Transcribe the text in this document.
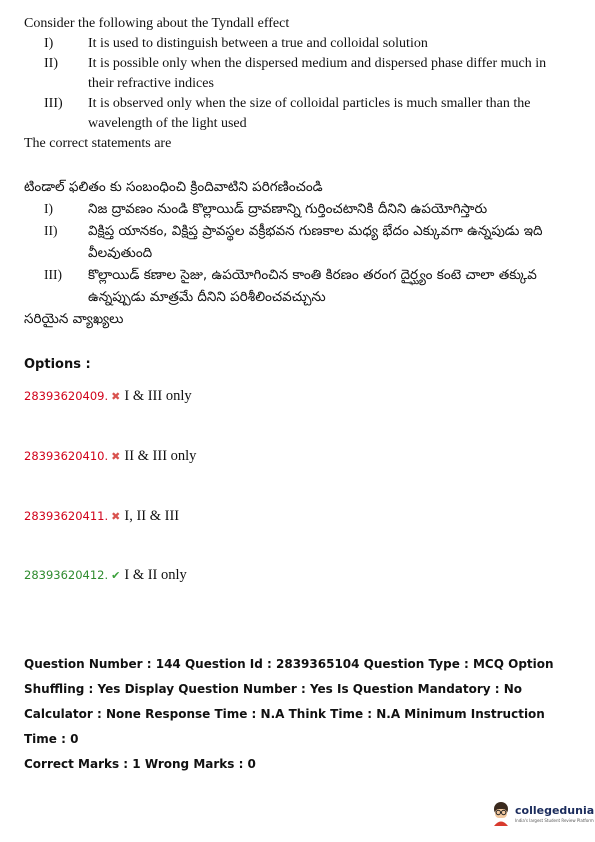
Consider the following about the Tyndall effect
I)	It is used to distinguish between a true and colloidal solution
II)	It is possible only when the dispersed medium and dispersed phase differ much in their refractive indices
III)	It is observed only when the size of colloidal particles is much smaller than the wavelength of the light used
The correct statements are
టిండాల్ ఫలితం కు సంబంధించి క్రిందివాటిని పరిగణించండి
I)	నిజ ద్రావణం నుండి కొల్లాయిడ్ ద్రావణాన్ని గుర్తించటానికి దీనిని ఉపయోగిస్తారు
II)	విక్షిప్త యానకం, విక్షిప్త ప్రావస్థల వక్రీభవన గుణకాల మధ్య భేదం ఎక్కువగా ఉన్నపుడు ఇది వీలవుతుంది
III)	కొల్లాయిడ్ కణాల సైజు, ఉపయోగించిన కాంతి కిరణం తరంగ దైర్ఘ్యం కంటె చాలా తక్కువ ఉన్నప్పుడు మాత్రమే దీనిని పరిశీలించవచ్చును
సరియైన వ్యాఖ్యలు
Options :
28393620409. ✖ I & III only
28393620410. ✖ II & III only
28393620411. ✖ I, II & III
28393620412. ✔ I & II only
Question Number : 144 Question Id : 2839365104 Question Type : MCQ Option Shuffling : Yes Display Question Number : Yes Is Question Mandatory : No Calculator : None Response Time : N.A Think Time : N.A Minimum Instruction Time : 0
Correct Marks : 1 Wrong Marks : 0
collegedunia
India's largest Student Review Platform
